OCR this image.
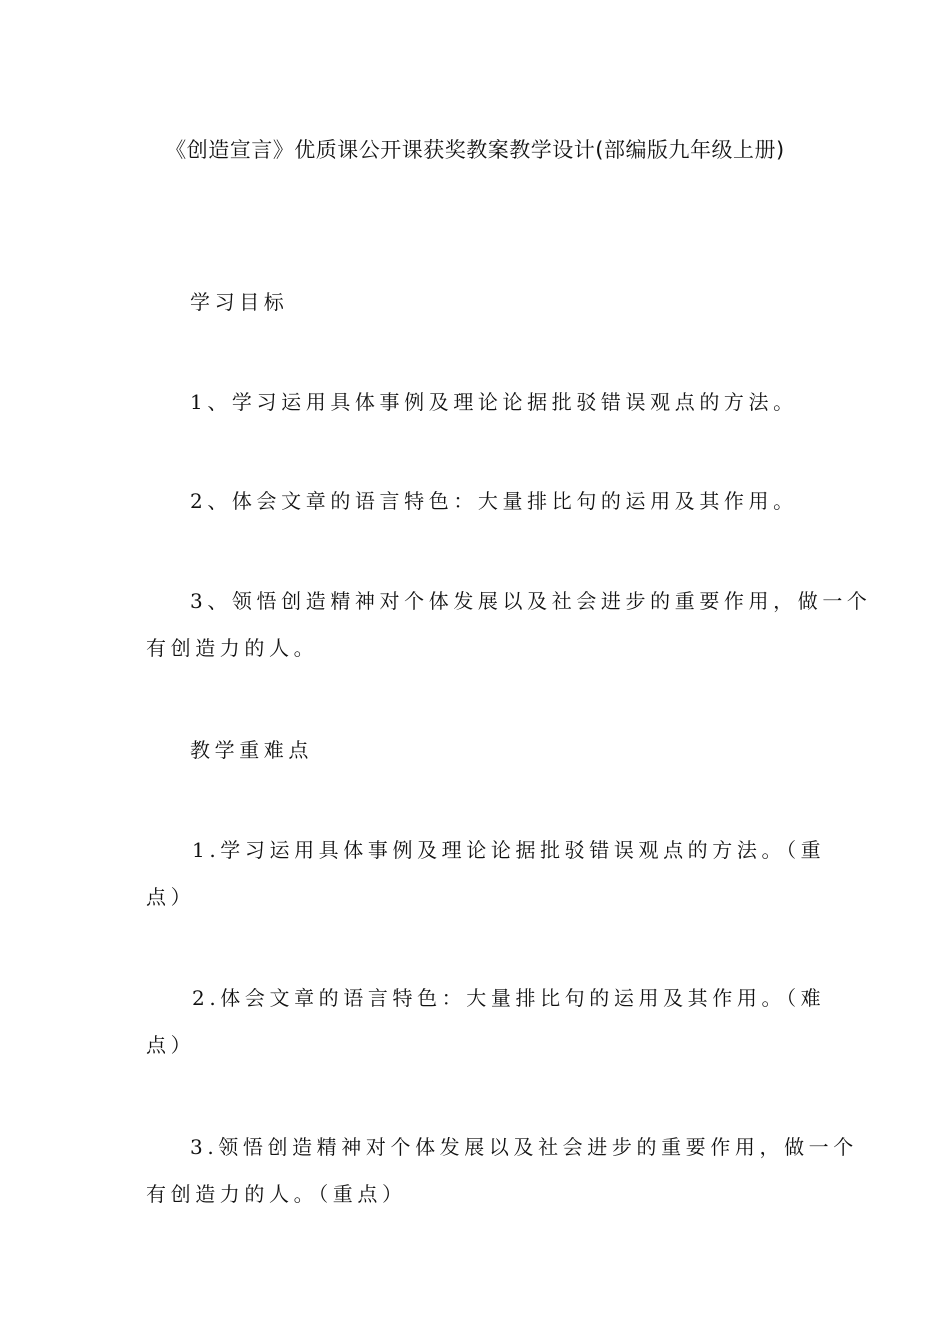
《创造宣言》优质课公开课获奖教案教学设计(部编版九年级上册)
学习目标
1、学习运用具体事例及理论论据批驳错误观点的方法。
2、体会文章的语言特色：大量排比句的运用及其作用。
3、领悟创造精神对个体发展以及社会进步的重要作用，做一个
有创造力的人。
教学重难点
1.学习运用具体事例及理论论据批驳错误观点的方法。（重
点）
2.体会文章的语言特色：大量排比句的运用及其作用。（难
点）
3.领悟创造精神对个体发展以及社会进步的重要作用，做一个
有创造力的人。（重点）
